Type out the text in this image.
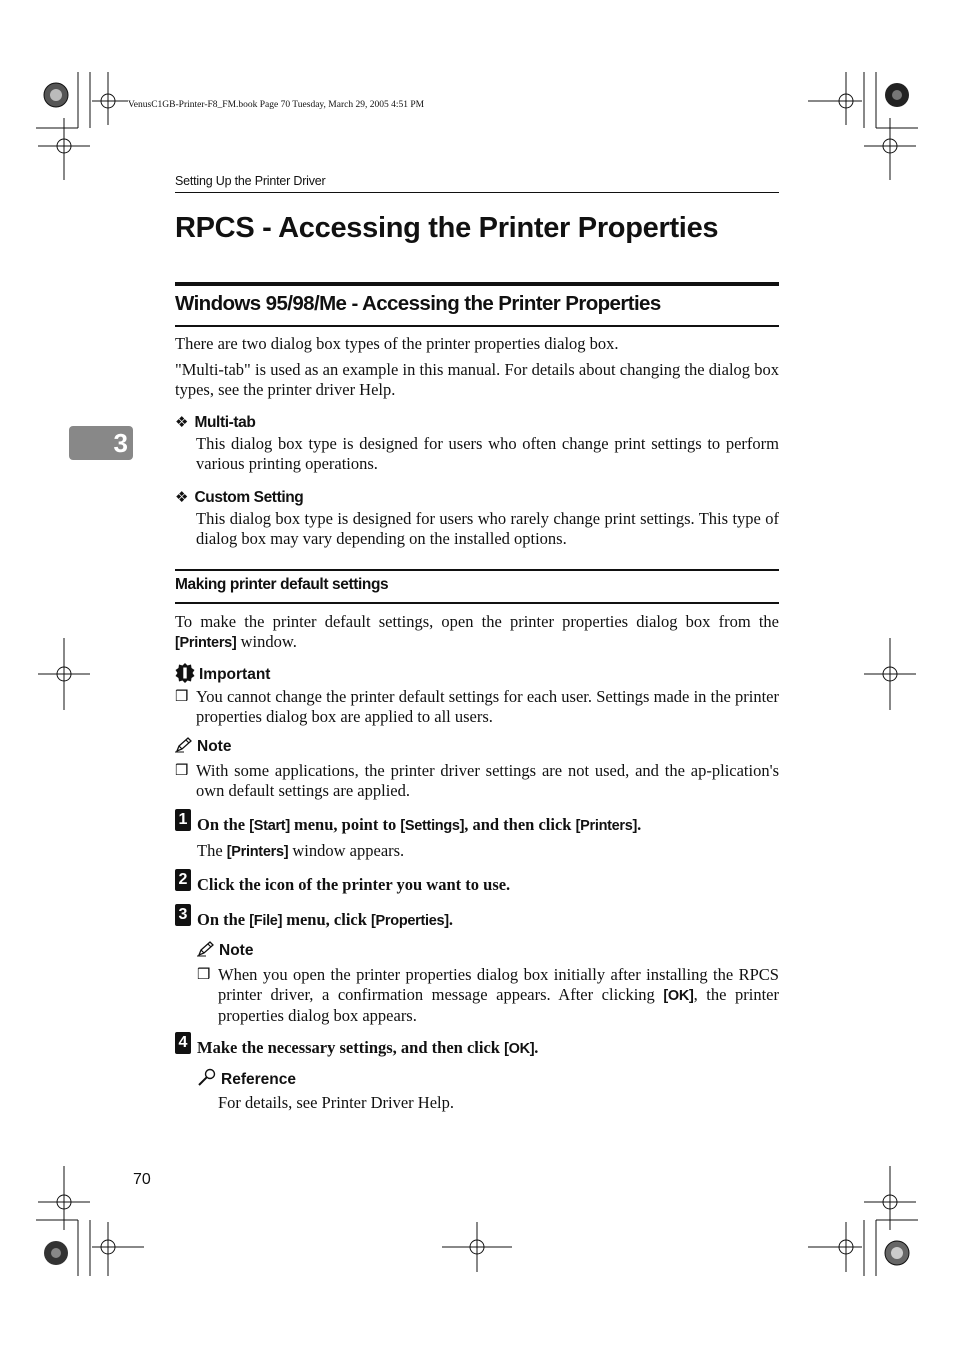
VenusC1GB-Printer-F8_FM.book Page 70 Tuesday, March 29, 2005 4:51 PM
Setting Up the Printer Driver
RPCS - Accessing the Printer Properties
Windows 95/98/Me - Accessing the Printer Properties
3
There are two dialog box types of the printer properties dialog box.
"Multi-tab" is used as an example in this manual. For details about changing the dialog box types, see the printer driver Help.
❖ Multi-tab
This dialog box type is designed for users who often change print settings to perform various printing operations.
❖ Custom Setting
This dialog box type is designed for users who rarely change print settings. This type of dialog box may vary depending on the installed options.
Making printer default settings
To make the printer default settings, open the printer properties dialog box from the [Printers] window.
Important
❒ You cannot change the printer default settings for each user. Settings made in the printer properties dialog box are applied to all users.
Note
❒ With some applications, the printer driver settings are not used, and the ap-plication's own default settings are applied.
1 On the [Start] menu, point to [Settings], and then click [Printers].
The [Printers] window appears.
2 Click the icon of the printer you want to use.
3 On the [File] menu, click [Properties].
Note
❒ When you open the printer properties dialog box initially after installing the RPCS printer driver, a confirmation message appears. After clicking [OK], the printer properties dialog box appears.
4 Make the necessary settings, and then click [OK].
Reference
For details, see Printer Driver Help.
70
